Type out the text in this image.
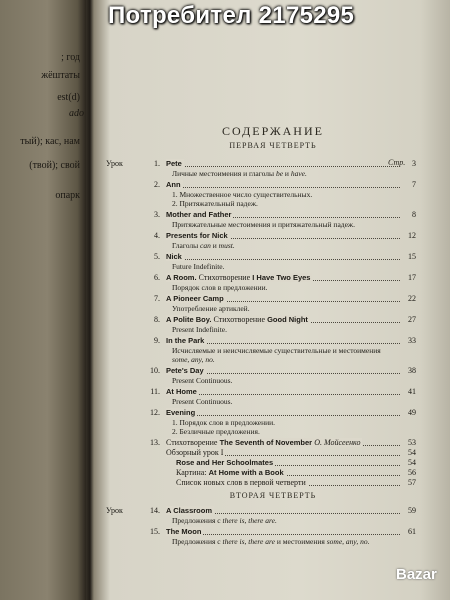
; год
жёштаты
est(d)
ado
тый); кас, нам
(твой); свой
oпарк
СОДЕРЖАНИЕ
ПЕРВАЯ ЧЕТВЕРТЬ
Стр.
Урок	1. Pete	3
Личные местоимения и глаголы be и have.
2. Ann	7
1. Множественное число существительных.
2. Притяжательный падеж.
3. Mother and Father	8
Притяжательные местоимения и притяжательный падеж.
4. Presents for Nick	12
Глаголы can и must.
5. Nick	15
Future Indefinite.
6. A Room. Стихотворение I Have Two Eyes	17
Порядок слов в предложении.
7. A Pioneer Camp	22
Употребление артиклей.
8. A Polite Boy. Стихотворение Good Night	27
Present Indefinite.
9. In the Park	33
Исчисляемые и неисчисляемые существительные и местоимения
some, any, no.
10. Pete's Day	38
Present Continuous.
11. At Home	41
Present Continuous.
12. Evening	49
1. Порядок слов в предложении.
2. Безличные предложения.
13. Стихотворение The Seventh of November О. Мойсеенко	53
Обзорный урок I	54
Rose and Her Schoolmates	54
Картина: At Home with a Book	56
Список новых слов в первой четверти	57
ВТОРАЯ ЧЕТВЕРТЬ
Урок	14. A Classroom	59
Предложения с there is, there are.
15. The Moon	61
Предложения с there is, there are и местоимения some, any, no.
Потребител 2175295
Bazar
